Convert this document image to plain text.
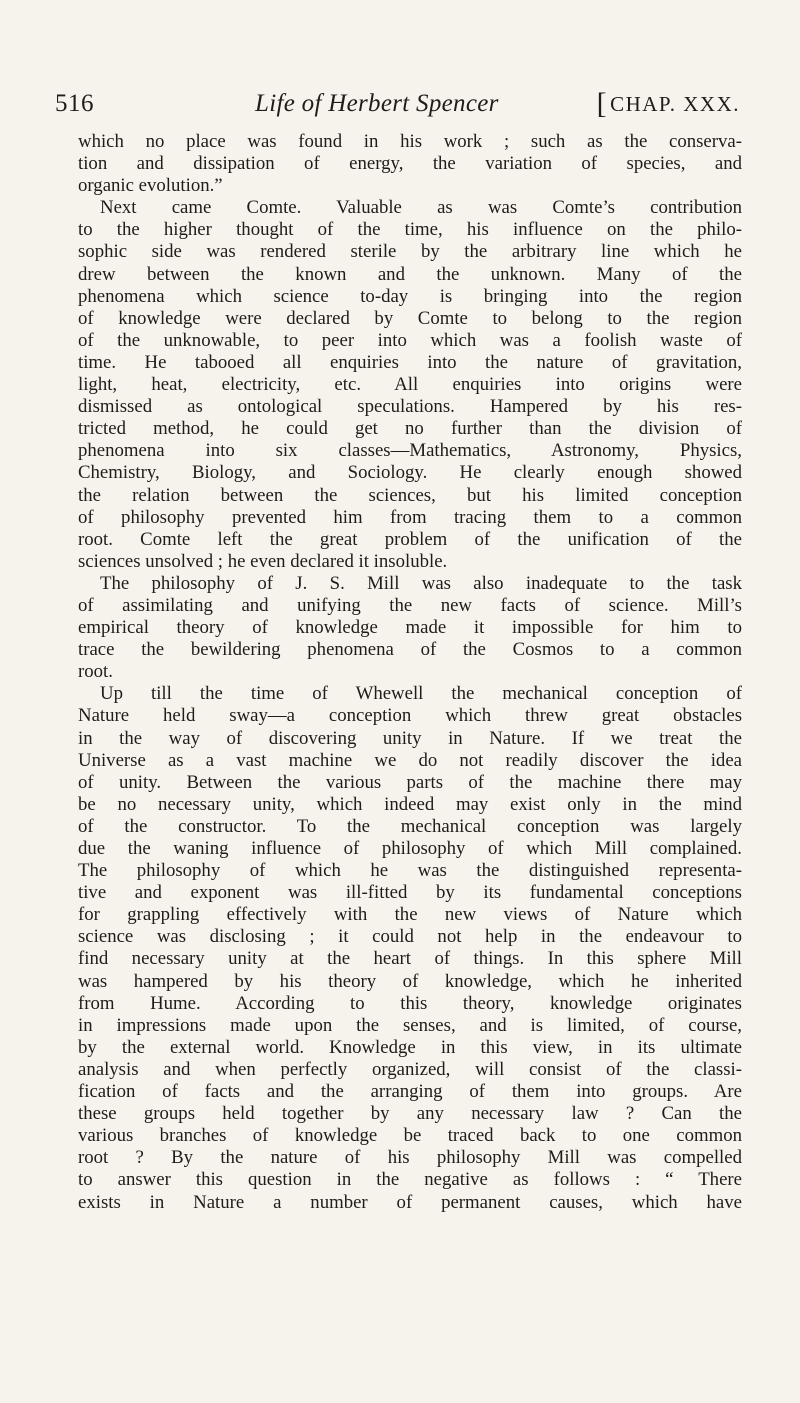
516	Life of Herbert Spencer	[CHAP. XXX.
which no place was found in his work ; such as the conserva-
tion and dissipation of energy, the variation of species, and
organic evolution.”
Next came Comte. Valuable as was Comte’s contribution
to the higher thought of the time, his influence on the philo-
sophic side was rendered sterile by the arbitrary line which he
drew between the known and the unknown. Many of the
phenomena which science to-day is bringing into the region
of knowledge were declared by Comte to belong to the region
of the unknowable, to peer into which was a foolish waste of
time. He tabooed all enquiries into the nature of gravitation,
light, heat, electricity, etc. All enquiries into origins were
dismissed as ontological speculations. Hampered by his res-
tricted method, he could get no further than the division of
phenomena into six classes—Mathematics, Astronomy, Physics,
Chemistry, Biology, and Sociology. He clearly enough showed
the relation between the sciences, but his limited conception
of philosophy prevented him from tracing them to a common
root. Comte left the great problem of the unification of the
sciences unsolved ; he even declared it insoluble.
The philosophy of J. S. Mill was also inadequate to the task
of assimilating and unifying the new facts of science. Mill’s
empirical theory of knowledge made it impossible for him to
trace the bewildering phenomena of the Cosmos to a common
root.
Up till the time of Whewell the mechanical conception of
Nature held sway—a conception which threw great obstacles
in the way of discovering unity in Nature. If we treat the
Universe as a vast machine we do not readily discover the idea
of unity. Between the various parts of the machine there may
be no necessary unity, which indeed may exist only in the mind
of the constructor. To the mechanical conception was largely
due the waning influence of philosophy of which Mill complained.
The philosophy of which he was the distinguished representa-
tive and exponent was ill-fitted by its fundamental conceptions
for grappling effectively with the new views of Nature which
science was disclosing ; it could not help in the endeavour to
find necessary unity at the heart of things. In this sphere Mill
was hampered by his theory of knowledge, which he inherited
from Hume. According to this theory, knowledge originates
in impressions made upon the senses, and is limited, of course,
by the external world. Knowledge in this view, in its ultimate
analysis and when perfectly organized, will consist of the classi-
fication of facts and the arranging of them into groups. Are
these groups held together by any necessary law ? Can the
various branches of knowledge be traced back to one common
root ? By the nature of his philosophy Mill was compelled
to answer this question in the negative as follows : “ There
exists in Nature a number of permanent causes, which have
